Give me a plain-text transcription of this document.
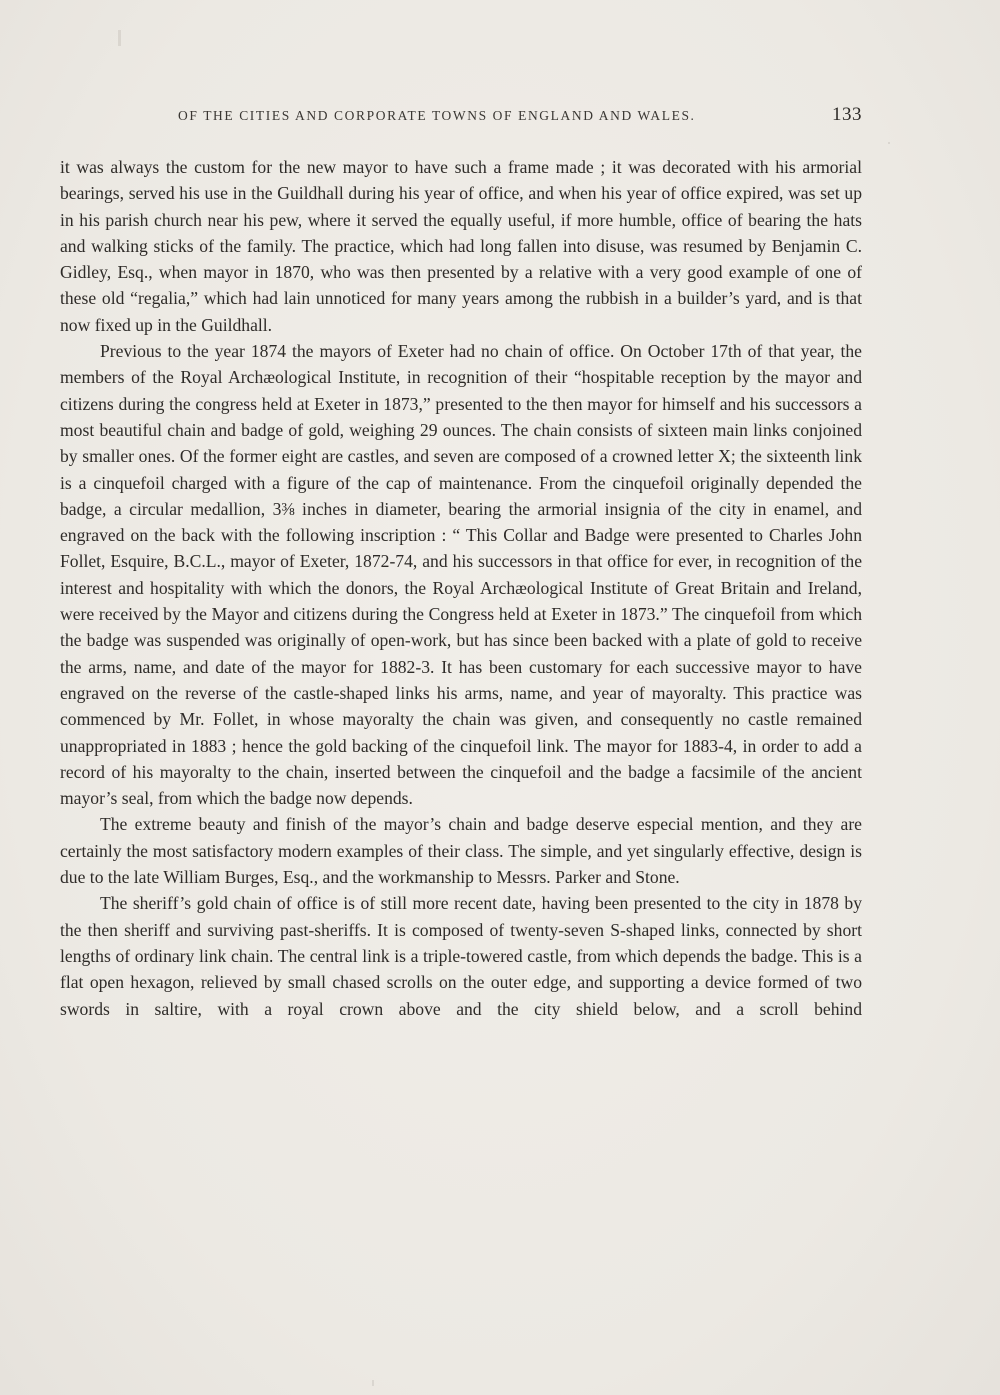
OF THE CITIES AND CORPORATE TOWNS OF ENGLAND AND WALES.	133

it was always the custom for the new mayor to have such a frame made ; it was decorated with his armorial bearings, served his use in the Guildhall during his year of office, and when his year of office expired, was set up in his parish church near his pew, where it served the equally useful, if more humble, office of bearing the hats and walking sticks of the family. The practice, which had long fallen into disuse, was resumed by Benjamin C. Gidley, Esq., when mayor in 1870, who was then presented by a relative with a very good example of one of these old “regalia,” which had lain unnoticed for many years among the rubbish in a builder’s yard, and is that now fixed up in the Guildhall.

Previous to the year 1874 the mayors of Exeter had no chain of office. On October 17th of that year, the members of the Royal Archæological Institute, in recognition of their “hospitable reception by the mayor and citizens during the congress held at Exeter in 1873,” presented to the then mayor for himself and his successors a most beautiful chain and badge of gold, weighing 29 ounces. The chain consists of sixteen main links conjoined by smaller ones. Of the former eight are castles, and seven are composed of a crowned letter X; the sixteenth link is a cinquefoil charged with a figure of the cap of maintenance. From the cinquefoil originally depended the badge, a circular medallion, 3⅜ inches in diameter, bearing the armorial insignia of the city in enamel, and engraved on the back with the following inscription : “ This Collar and Badge were presented to Charles John Follet, Esquire, B.C.L., mayor of Exeter, 1872-74, and his successors in that office for ever, in recognition of the interest and hospitality with which the donors, the Royal Archæological Institute of Great Britain and Ireland, were received by the Mayor and citizens during the Congress held at Exeter in 1873.” The cinquefoil from which the badge was suspended was originally of open-work, but has since been backed with a plate of gold to receive the arms, name, and date of the mayor for 1882-3. It has been customary for each successive mayor to have engraved on the reverse of the castle-shaped links his arms, name, and year of mayoralty. This practice was commenced by Mr. Follet, in whose mayoralty the chain was given, and consequently no castle remained unappropriated in 1883 ; hence the gold backing of the cinquefoil link. The mayor for 1883-4, in order to add a record of his mayoralty to the chain, inserted between the cinquefoil and the badge a facsimile of the ancient mayor’s seal, from which the badge now depends.

The extreme beauty and finish of the mayor’s chain and badge deserve especial mention, and they are certainly the most satisfactory modern examples of their class. The simple, and yet singularly effective, design is due to the late William Burges, Esq., and the workmanship to Messrs. Parker and Stone.

The sheriff’s gold chain of office is of still more recent date, having been presented to the city in 1878 by the then sheriff and surviving past-sheriffs. It is composed of twenty-seven S-shaped links, connected by short lengths of ordinary link chain. The central link is a triple-towered castle, from which depends the badge. This is a flat open hexagon, relieved by small chased scrolls on the outer edge, and supporting a device formed of two swords in saltire, with a royal crown above and the city shield below, and a scroll behind
